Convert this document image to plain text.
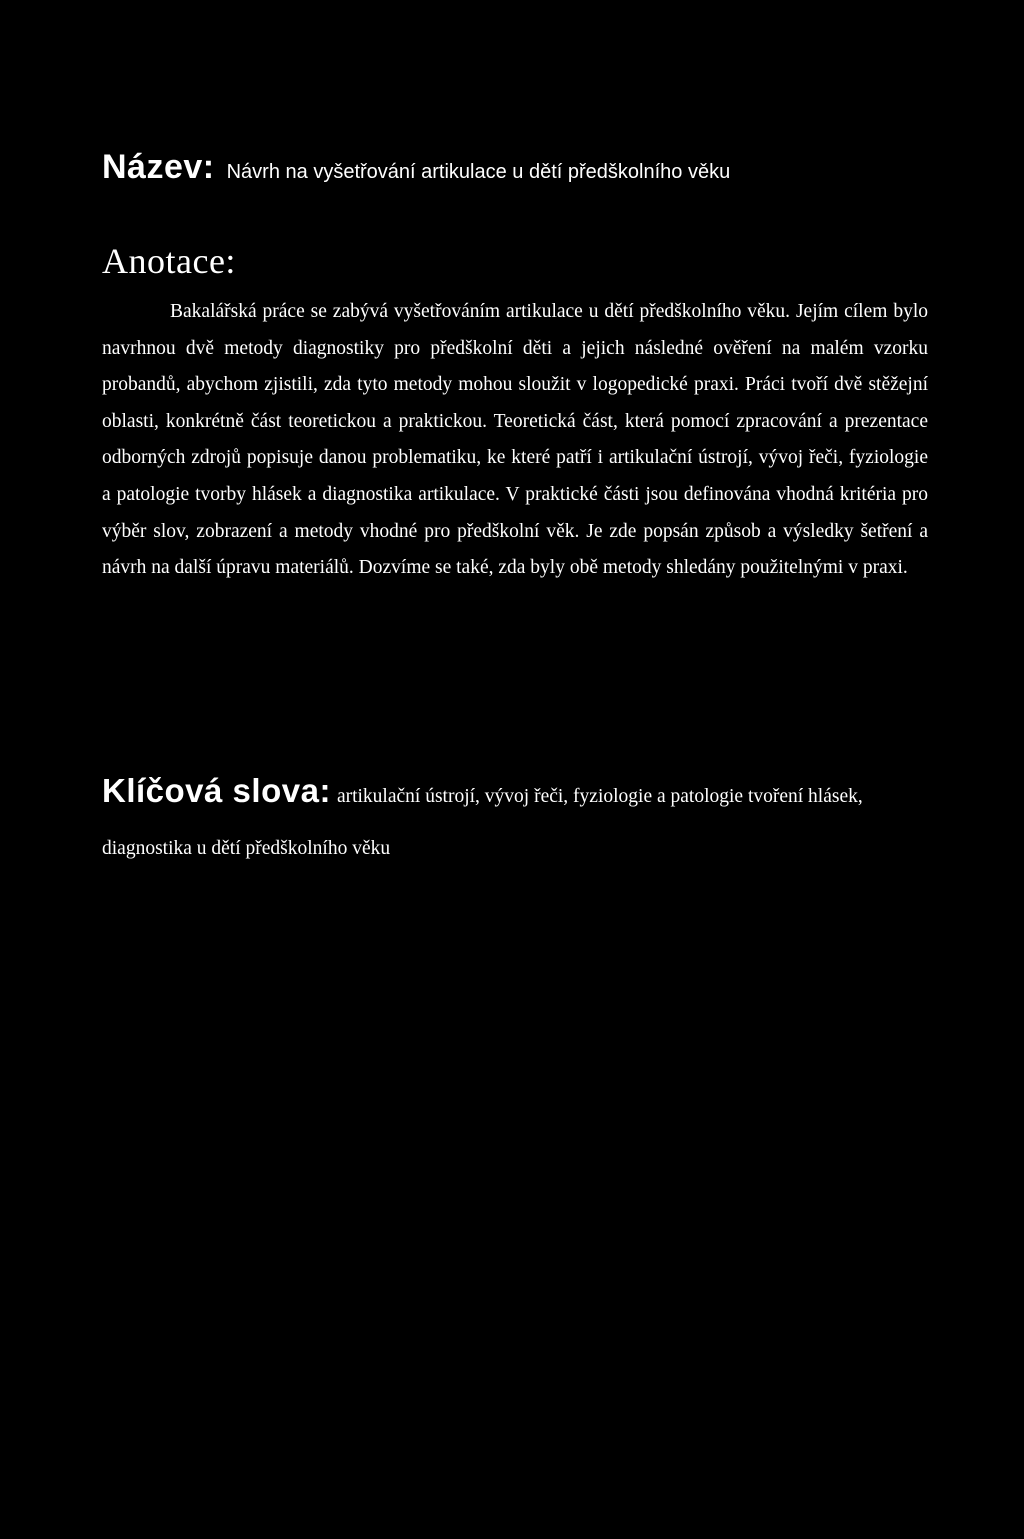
Název: Návrh na vyšetřování artikulace u dětí předškolního věku
Anotace:

Bakalářská práce se zabývá vyšetřováním artikulace u dětí předškolního věku. Jejím cílem bylo navrhnou dvě metody diagnostiky pro předškolní děti a jejich následné ověření na malém vzorku probandů, abychom zjistili, zda tyto metody mohou sloužit v logopedické praxi. Práci tvoří dvě stěžejní oblasti, konkrétně část teoretickou a praktickou. Teoretická část, která pomocí zpracování a prezentace odborných zdrojů popisuje danou problematiku, ke které patří i artikulační ústrojí, vývoj řeči, fyziologie a patologie tvorby hlásek a diagnostika artikulace. V praktické části jsou definována vhodná kritéria pro výběr slov, zobrazení a metody vhodné pro předškolní věk. Je zde popsán způsob a výsledky šetření a návrh na další úpravu materiálů. Dozvíme se také, zda byly obě metody shledány použitelnými v praxi.

Klíčová slova: artikulační ústrojí, vývoj řeči, fyziologie a patologie tvoření hlásek, diagnostika u dětí předškolního věku
